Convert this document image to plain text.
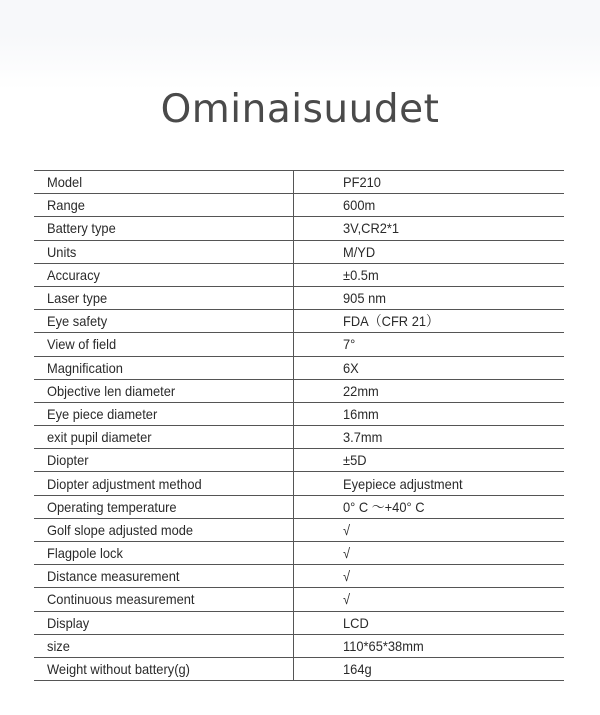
Ominaisuudet
Model	PF210
Range	600m
Battery type	3V,CR2*1
Units	M/YD
Accuracy	±0.5m
Laser type	905 nm
Eye safety	FDA（CFR 21）
View of field	7°
Magnification	6X
Objective len diameter	22mm
Eye piece diameter	16mm
exit pupil diameter	3.7mm
Diopter	±5D
Diopter adjustment method	Eyepiece adjustment
Operating temperature	0° C ～+40° C
Golf slope adjusted mode	√
Flagpole lock	√
Distance measurement	√
Continuous measurement	√
Display	LCD
size	110*65*38mm
Weight without battery(g)	164g
